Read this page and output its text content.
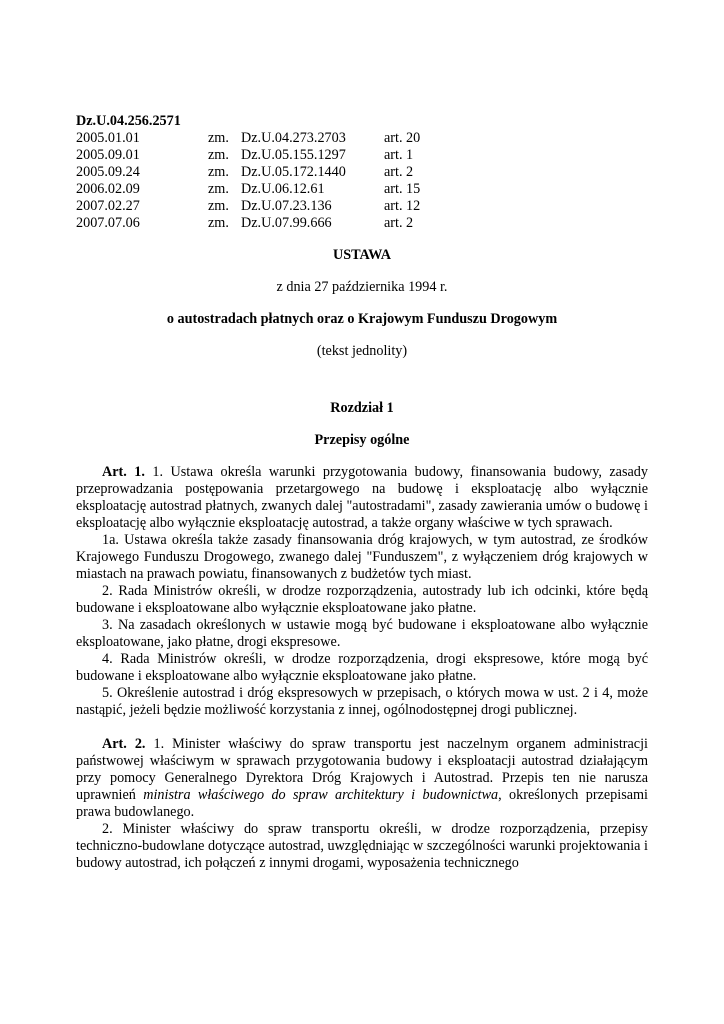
Dz.U.04.256.2571
2005.01.01	zm. Dz.U.04.273.2703	art. 20
2005.09.01	zm. Dz.U.05.155.1297	art. 1
2005.09.24	zm. Dz.U.05.172.1440	art. 2
2006.02.09	zm. Dz.U.06.12.61	art. 15
2007.02.27	zm. Dz.U.07.23.136	art. 12
2007.07.06	zm. Dz.U.07.99.666	art. 2
USTAWA
z dnia 27 października 1994 r.
o autostradach płatnych oraz o Krajowym Funduszu Drogowym
(tekst jednolity)
Rozdział 1
Przepisy ogólne

Art. 1. 1. Ustawa określa warunki przygotowania budowy, finansowania budowy, zasady przeprowadzania postępowania przetargowego na budowę i eksploatację albo wyłącznie eksploatację autostrad płatnych, zwanych dalej "autostradami", zasady zawierania umów o budowę i eksploatację albo wyłącznie eksploatację autostrad, a także organy właściwe w tych sprawach.

1a. Ustawa określa także zasady finansowania dróg krajowych, w tym autostrad, ze środków Krajowego Funduszu Drogowego, zwanego dalej "Funduszem", z wyłączeniem dróg krajowych w miastach na prawach powiatu, finansowanych z budżetów tych miast.

2. Rada Ministrów określi, w drodze rozporządzenia, autostrady lub ich odcinki, które będą budowane i eksploatowane albo wyłącznie eksploatowane jako płatne.

3. Na zasadach określonych w ustawie mogą być budowane i eksploatowane albo wyłącznie eksploatowane, jako płatne, drogi ekspresowe.

4. Rada Ministrów określi, w drodze rozporządzenia, drogi ekspresowe, które mogą być budowane i eksploatowane albo wyłącznie eksploatowane jako płatne.

5. Określenie autostrad i dróg ekspresowych w przepisach, o których mowa w ust. 2 i 4, może nastąpić, jeżeli będzie możliwość korzystania z innej, ogólnodostępnej drogi publicznej.

Art. 2. 1. Minister właściwy do spraw transportu jest naczelnym organem administracji państwowej właściwym w sprawach przygotowania budowy i eksploatacji autostrad działającym przy pomocy Generalnego Dyrektora Dróg Krajowych i Autostrad. Przepis ten nie narusza uprawnień ministra właściwego do spraw architektury i budownictwa, określonych przepisami prawa budowlanego.

2. Minister właściwy do spraw transportu określi, w drodze rozporządzenia, przepisy techniczno-budowlane dotyczące autostrad, uwzględniając w szczególności warunki projektowania i budowy autostrad, ich połączeń z innymi drogami, wyposażenia technicznego
